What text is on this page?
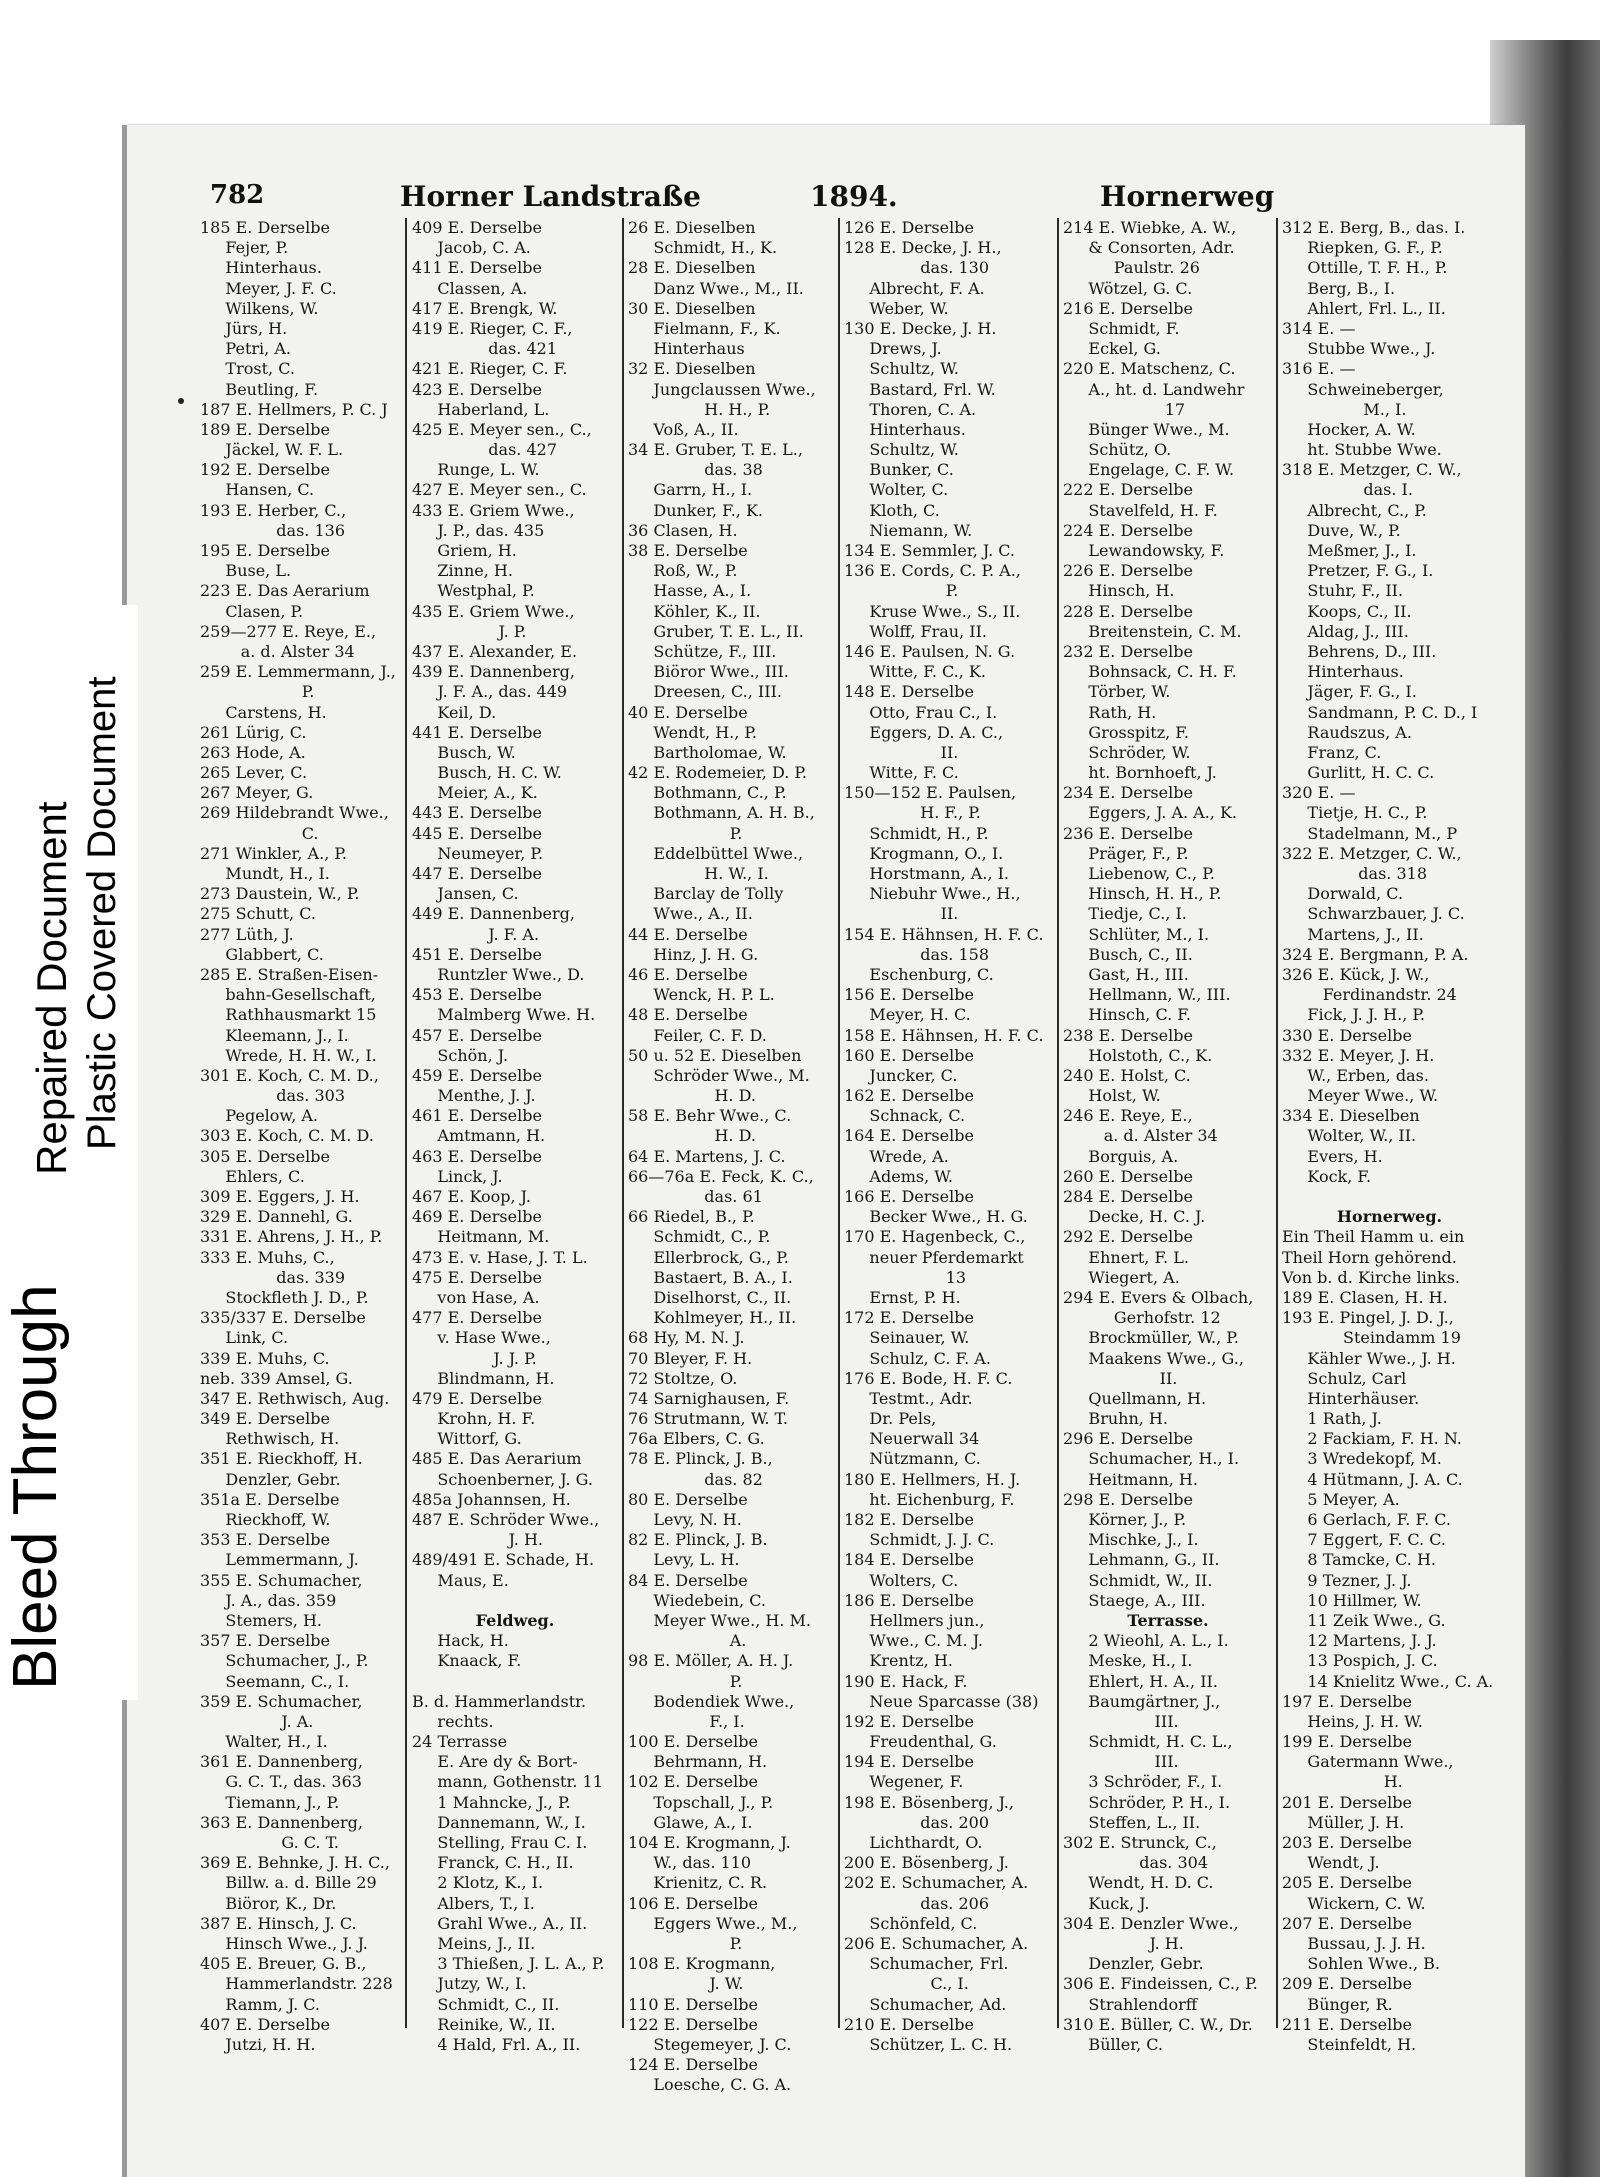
782	Horner Landstraße	1894.	Hornerweg
185 E. Derselbe
Fejer, P.
Hinterhaus.
Meyer, J. F. C.
Wilkens, W.
Jürs, H.
Petri, A.
Trost, C.
Beutling, F.
187 E. Hellmers, P. C. J
189 E. Derselbe
Jäckel, W. F. L.
192 E. Derselbe
Hansen, C.
193 E. Herber, C.,
das. 136
195 E. Derselbe
Buse, L.
223 E. Das Aerarium
Clasen, P.
259—277 E. Reye, E.,
a. d. Alster 34
259 E. Lemmermann, J.,
P.
Carstens, H.
261 Lürig, C.
263 Hode, A.
265 Lever, C.
267 Meyer, G.
269 Hildebrandt Wwe.,
C.
271 Winkler, A., P.
Mundt, H., I.
273 Daustein, W., P.
275 Schutt, C.
277 Lüth, J.
Glabbert, C.
285 E. Straßen-Eisen-
bahn-Gesellschaft,
Rathhausmarkt 15
Kleemann, J., I.
Wrede, H. H. W., I.
301 E. Koch, C. M. D.,
das. 303
Pegelow, A.
303 E. Koch, C. M. D.
305 E. Derselbe
Ehlers, C.
309 E. Eggers, J. H.
329 E. Dannehl, G.
331 E. Ahrens, J. H., P.
333 E. Muhs, C.,
das. 339
Stockfleth J. D., P.
335/337 E. Derselbe
Link, C.
339 E. Muhs, C.
neb. 339 Amsel, G.
347 E. Rethwisch, Aug.
349 E. Derselbe
Rethwisch, H.
351 E. Rieckhoff, H.
Denzler, Gebr.
351a E. Derselbe
Rieckhoff, W.
353 E. Derselbe
Lemmermann, J.
355 E. Schumacher,
J. A., das. 359
Stemers, H.
357 E. Derselbe
Schumacher, J., P.
Seemann, C., I.
359 E. Schumacher,
J. A.
Walter, H., I.
361 E. Dannenberg,
G. C. T., das. 363
Tiemann, J., P.
363 E. Dannenberg,
G. C. T.
369 E. Behnke, J. H. C.,
Billw. a. d. Bille 29
Biöror, K., Dr.
387 E. Hinsch, J. C.
Hinsch Wwe., J. J.
405 E. Breuer, G. B.,
Hammerlandstr. 228
Ramm, J. C.
407 E. Derselbe
Jutzi, H. H.
409 E. Derselbe
Jacob, C. A.
411 E. Derselbe
Classen, A.
417 E. Brengk, W.
419 E. Rieger, C. F.,
das. 421
421 E. Rieger, C. F.
423 E. Derselbe
Haberland, L.
425 E. Meyer sen., C.,
das. 427
Runge, L. W.
427 E. Meyer sen., C.
433 E. Griem Wwe.,
J. P., das. 435
Griem, H.
Zinne, H.
Westphal, P.
435 E. Griem Wwe.,
J. P.
437 E. Alexander, E.
439 E. Dannenberg,
J. F. A., das. 449
Keil, D.
441 E. Derselbe
Busch, W.
Busch, H. C. W.
Meier, A., K.
443 E. Derselbe
445 E. Derselbe
Neumeyer, P.
447 E. Derselbe
Jansen, C.
449 E. Dannenberg,
J. F. A.
451 E. Derselbe
Runtzler Wwe., D.
453 E. Derselbe
Malmberg Wwe. H.
457 E. Derselbe
Schön, J.
459 E. Derselbe
Menthe, J. J.
461 E. Derselbe
Amtmann, H.
463 E. Derselbe
Linck, J.
467 E. Koop, J.
469 E. Derselbe
Heitmann, M.
473 E. v. Hase, J. T. L.
475 E. Derselbe
von Hase, A.
477 E. Derselbe
v. Hase Wwe.,
J. J. P.
Blindmann, H.
479 E. Derselbe
Krohn, H. F.
Wittorf, G.
485 E. Das Aerarium
Schoenberner, J. G.
485a Johannsen, H.
487 E. Schröder Wwe.,
J. H.
489/491 E. Schade, H.
Maus, E.
Feldweg.
Hack, H.
Knaack, F.
B. d. Hammerlandstr.
rechts.
24 Terrasse
E. Are dy & Bort-
mann, Gothenstr. 11
1 Mahncke, J., P.
Dannemann, W., I.
Stelling, Frau C. I.
Franck, C. H., II.
2 Klotz, K., I.
Albers, T., I.
Grahl Wwe., A., II.
Meins, J., II.
3 Thießen, J. L. A., P.
Jutzy, W., I.
Schmidt, C., II.
Reinike, W., II.
4 Hald, Frl. A., II.
26 E. Dieselben
Schmidt, H., K.
28 E. Dieselben
Danz Wwe., M., II.
30 E. Dieselben
Fielmann, F., K.
Hinterhaus
32 E. Dieselben
Jungclaussen Wwe.,
H. H., P.
Voß, A., II.
34 E. Gruber, T. E. L.,
das. 38
Garrn, H., I.
Dunker, F., K.
36 Clasen, H.
38 E. Derselbe
Roß, W., P.
Hasse, A., I.
Köhler, K., II.
Gruber, T. E. L., II.
Schütze, F., III.
Biöror Wwe., III.
Dreesen, C., III.
40 E. Derselbe
Wendt, H., P.
Bartholomae, W.
42 E. Rodemeier, D. P.
Bothmann, C., P.
Bothmann, A. H. B.,
P.
Eddelbüttel Wwe.,
H. W., I.
Barclay de Tolly
Wwe., A., II.
44 E. Derselbe
Hinz, J. H. G.
46 E. Derselbe
Wenck, H. P. L.
48 E. Derselbe
Feiler, C. F. D.
50 u. 52 E. Dieselben
Schröder Wwe., M.
H. D.
58 E. Behr Wwe., C.
H. D.
64 E. Martens, J. C.
66—76a E. Feck, K. C.,
das. 61
66 Riedel, B., P.
Schmidt, C., P.
Ellerbrock, G., P.
Bastaert, B. A., I.
Diselhorst, C., II.
Kohlmeyer, H., II.
68 Hy, M. N. J.
70 Bleyer, F. H.
72 Stoltze, O.
74 Sarnighausen, F.
76 Strutmann, W. T.
76a Elbers, C. G.
78 E. Plinck, J. B.,
das. 82
80 E. Derselbe
Levy, N. H.
82 E. Plinck, J. B.
Levy, L. H.
84 E. Derselbe
Wiedebein, C.
Meyer Wwe., H. M.
A.
98 E. Möller, A. H. J.
P.
Bodendiek Wwe.,
F., I.
100 E. Derselbe
Behrmann, H.
102 E. Derselbe
Topschall, J., P.
Glawe, A., I.
104 E. Krogmann, J.
W., das. 110
Krienitz, C. R.
106 E. Derselbe
Eggers Wwe., M.,
P.
108 E. Krogmann,
J. W.
110 E. Derselbe
122 E. Derselbe
Stegemeyer, J. C.
124 E. Derselbe
Loesche, C. G. A.
126 E. Derselbe
128 E. Decke, J. H.,
das. 130
Albrecht, F. A.
Weber, W.
130 E. Decke, J. H.
Drews, J.
Schultz, W.
Bastard, Frl. W.
Thoren, C. A.
Hinterhaus.
Schultz, W.
Bunker, C.
Wolter, C.
Kloth, C.
Niemann, W.
134 E. Semmler, J. C.
136 E. Cords, C. P. A.,
P.
Kruse Wwe., S., II.
Wolff, Frau, II.
146 E. Paulsen, N. G.
Witte, F. C., K.
148 E. Derselbe
Otto, Frau C., I.
Eggers, D. A. C.,
II.
Witte, F. C.
150—152 E. Paulsen,
H. F., P.
Schmidt, H., P.
Krogmann, O., I.
Horstmann, A., I.
Niebuhr Wwe., H.,
II.
154 E. Hähnsen, H. F. C.
das. 158
Eschenburg, C.
156 E. Derselbe
Meyer, H. C.
158 E. Hähnsen, H. F. C.
160 E. Derselbe
Juncker, C.
162 E. Derselbe
Schnack, C.
164 E. Derselbe
Wrede, A.
Adems, W.
166 E. Derselbe
Becker Wwe., H. G.
170 E. Hagenbeck, C.,
neuer Pferdemarkt
13
Ernst, P. H.
172 E. Derselbe
Seinauer, W.
Schulz, C. F. A.
176 E. Bode, H. F. C.
Testmt., Adr.
Dr. Pels,
Neuerwall 34
Nützmann, C.
180 E. Hellmers, H. J.
ht. Eichenburg, F.
182 E. Derselbe
Schmidt, J. J. C.
184 E. Derselbe
Wolters, C.
186 E. Derselbe
Hellmers jun.,
Wwe., C. M. J.
Krentz, H.
190 E. Hack, F.
Neue Sparcasse (38)
192 E. Derselbe
Freudenthal, G.
194 E. Derselbe
Wegener, F.
198 E. Bösenberg, J.,
das. 200
Lichthardt, O.
200 E. Bösenberg, J.
202 E. Schumacher, A.
das. 206
Schönfeld, C.
206 E. Schumacher, A.
Schumacher, Frl.
C., I.
Schumacher, Ad.
210 E. Derselbe
Schützer, L. C. H.
214 E. Wiebke, A. W.,
& Consorten, Adr.
Paulstr. 26
Wötzel, G. C.
216 E. Derselbe
Schmidt, F.
Eckel, G.
220 E. Matschenz, C.
A., ht. d. Landwehr
17
Bünger Wwe., M.
Schütz, O.
Engelage, C. F. W.
222 E. Derselbe
Stavelfeld, H. F.
224 E. Derselbe
Lewandowsky, F.
226 E. Derselbe
Hinsch, H.
228 E. Derselbe
Breitenstein, C. M.
232 E. Derselbe
Bohnsack, C. H. F.
Törber, W.
Rath, H.
Grosspitz, F.
Schröder, W.
ht. Bornhoeft, J.
234 E. Derselbe
Eggers, J. A. A., K.
236 E. Derselbe
Präger, F., P.
Liebenow, C., P.
Hinsch, H. H., P.
Tiedje, C., I.
Schlüter, M., I.
Busch, C., II.
Gast, H., III.
Hellmann, W., III.
Hinsch, C. F.
238 E. Derselbe
Holstoth, C., K.
240 E. Holst, C.
Holst, W.
246 E. Reye, E.,
a. d. Alster 34
Borguis, A.
260 E. Derselbe
284 E. Derselbe
Decke, H. C. J.
292 E. Derselbe
Ehnert, F. L.
Wiegert, A.
294 E. Evers & Olbach,
Gerhofstr. 12
Brockmüller, W., P.
Maakens Wwe., G.,
II.
Quellmann, H.
Bruhn, H.
296 E. Derselbe
Schumacher, H., I.
Heitmann, H.
298 E. Derselbe
Körner, J., P.
Mischke, J., I.
Lehmann, G., II.
Schmidt, W., II.
Staege, A., III.
Terrasse.
2 Wieohl, A. L., I.
Meske, H., I.
Ehlert, H. A., II.
Baumgärtner, J.,
III.
Schmidt, H. C. L.,
III.
3 Schröder, F., I.
Schröder, P. H., I.
Steffen, L., II.
302 E. Strunck, C.,
das. 304
Wendt, H. D. C.
Kuck, J.
304 E. Denzler Wwe.,
J. H.
Denzler, Gebr.
306 E. Findeissen, C., P.
Strahlendorff
310 E. Büller, C. W., Dr.
Büller, C.
312 E. Berg, B., das. I.
Riepken, G. F., P.
Ottille, T. F. H., P.
Berg, B., I.
Ahlert, Frl. L., II.
314 E. —
Stubbe Wwe., J.
316 E. —
Schweineberger,
M., I.
Hocker, A. W.
ht. Stubbe Wwe.
318 E. Metzger, C. W.,
das. I.
Albrecht, C., P.
Duve, W., P.
Meßmer, J., I.
Pretzer, F. G., I.
Stuhr, F., II.
Koops, C., II.
Aldag, J., III.
Behrens, D., III.
Hinterhaus.
Jäger, F. G., I.
Sandmann, P. C. D., I
Raudszus, A.
Franz, C.
Gurlitt, H. C. C.
320 E. —
Tietje, H. C., P.
Stadelmann, M., P
322 E. Metzger, C. W.,
das. 318
Dorwald, C.
Schwarzbauer, J. C.
Martens, J., II.
324 E. Bergmann, P. A.
326 E. Kück, J. W.,
Ferdinandstr. 24
Fick, J. J. H., P.
330 E. Derselbe
332 E. Meyer, J. H.
W., Erben, das.
Meyer Wwe., W.
334 E. Dieselben
Wolter, W., II.
Evers, H.
Kock, F.
Hornerweg.
Ein Theil Hamm u. ein
Theil Horn gehörend.
Von b. d. Kirche links.
189 E. Clasen, H. H.
193 E. Pingel, J. D. J.,
Steindamm 19
Kähler Wwe., J. H.
Schulz, Carl
Hinterhäuser.
1 Rath, J.
2 Fackiam, F. H. N.
3 Wredekopf, M.
4 Hütmann, J. A. C.
5 Meyer, A.
6 Gerlach, F. F. C.
7 Eggert, F. C. C.
8 Tamcke, C. H.
9 Tezner, J. J.
10 Hillmer, W.
11 Zeik Wwe., G.
12 Martens, J. J.
13 Pospich, J. C.
14 Knielitz Wwe., C. A.
197 E. Derselbe
Heins, J. H. W.
199 E. Derselbe
Gatermann Wwe.,
H.
201 E. Derselbe
Müller, J. H.
203 E. Derselbe
Wendt, J.
205 E. Derselbe
Wickern, C. W.
207 E. Derselbe
Bussau, J. J. H.
Sohlen Wwe., B.
209 E. Derselbe
Bünger, R.
211 E. Derselbe
Steinfeldt, H.
Repaired Document
Bleed Through
Plastic Covered Document
